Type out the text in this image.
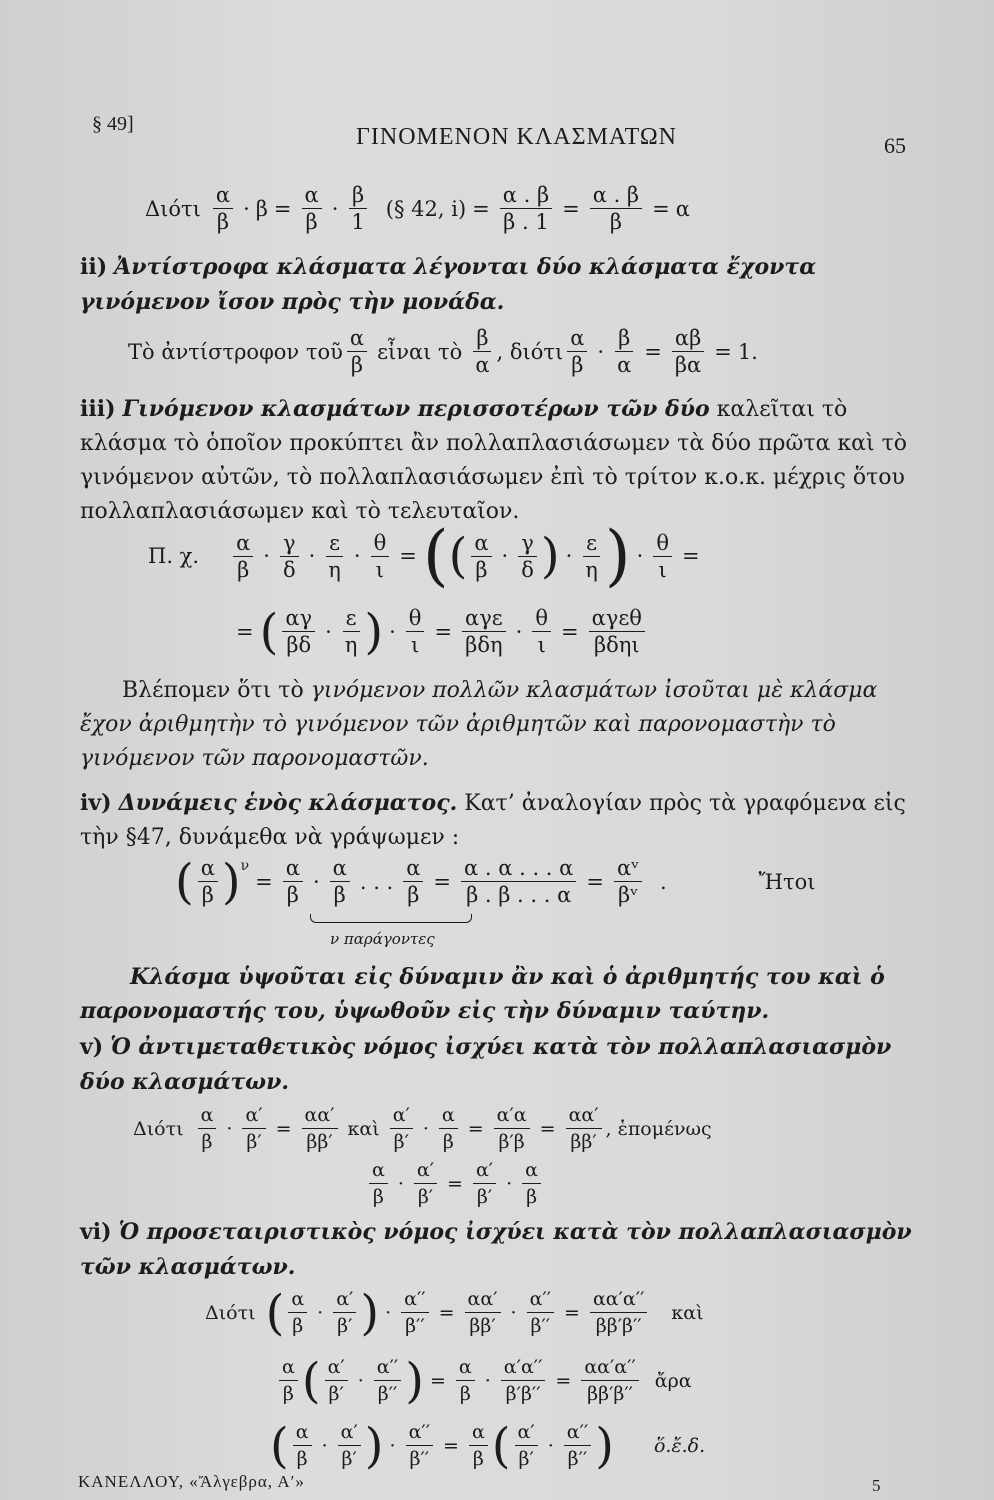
§ 49]	ΓΙΝΟΜΕΝΟΝ ΚΛΑΣΜΑΤΩΝ	65
Διότι $\frac{\alpha}{\beta} \cdot \beta = \frac{\alpha}{\beta} \cdot \frac{\beta}{1}$ (§ 42, $i) = \frac{\alpha . \beta}{\beta . 1} = \frac{\alpha . \beta}{\beta} = \alpha$
ii) Ἀντίστροφα κλάσματα λέγονται δύο κλάσματα ἔχοντα γινόμενον ἴσον πρὸς τὴν μονάδα.
Τὸ ἀντίστροφον τοῦ $\frac{\alpha}{\beta}$ εἶναι τὸ $\frac{\beta}{\alpha}$ , διότι $\frac{\alpha}{\beta} \cdot \frac{\beta}{\alpha} = \frac{\alpha\beta}{\beta\alpha} = 1$.
iii) Γινόμενον κλασμάτων περισσοτέρων τῶν δύο καλεῖται τὸ κλάσμα τὸ ὁποῖον προκύπτει ἂν πολλαπλασιάσωμεν τὰ δύο πρῶτα καὶ τὸ γινόμενον αὐτῶν, τὸ πολλαπλασιάσωμεν ἐπὶ τὸ τρίτον κ.ο.κ. μέχρις ὅτου πολλαπλασιάσωμεν καὶ τὸ τελευταῖον.
Π. χ. $\frac{\alpha}{\beta} \cdot \frac{\gamma}{\delta} \cdot \frac{\varepsilon}{\eta} \cdot \frac{\theta}{\iota}$ = ( ( $\frac{\alpha}{\beta} \cdot \frac{\gamma}{\delta}$ ) · $\frac{\varepsilon}{\eta}$ ) · $\frac{\theta}{\iota}$ =
= ( $\frac{\alpha\gamma}{\beta\delta} \cdot \frac{\varepsilon}{\eta}$ ) · $\frac{\theta}{\iota} = \frac{\text{αγε}}{\text{βδη}} \cdot \frac{\theta}{\iota} = \frac{\text{αγεθ}}{\text{βδηι}}$
Βλέπομεν ὅτι τὸ γινόμενον πολλῶν κλασμάτων ἰσοῦται μὲ κλάσμα ἔχον ἀριθμητὴν τὸ γινόμενον τῶν ἀριθμητῶν καὶ παρονομαστὴν τὸ γινόμενον τῶν παρονομαστῶν.
iv) Δυνάμεις ἑνὸς κλάσματος. Κατ’ ἀναλογίαν πρὸς τὰ γραφόμενα εἰς τὴν §47, δυνάμεθα νὰ γράψωμεν :
( $\frac{\alpha}{\beta} )^\nu$
= $\frac{\alpha}{\beta} \cdot \frac{\alpha}{\beta}$ . . . $\frac{\alpha}{\beta} = \frac{\alpha . \alpha . . . \alpha}{\beta . \beta . . . \alpha} = \frac{\text{αᵛ}}{\text{βᵛ}}$ .	Ἤτοι
ν παράγοντες
Κλάσμα ὑψοῦται εἰς δύναμιν ἂν καὶ ὁ ἀριθμητής του καὶ ὁ παρονομαστής του, ὑψωθοῦν εἰς τὴν δύναμιν ταύτην.
v) Ὁ ἀντιμεταθετικὸς νόμος ἰσχύει κατὰ τὸν πολλαπλασιασμὸν δύο κλασμάτων.
Διότι $\frac{\alpha}{\beta} \cdot \frac{\alpha'}{\beta'} = \frac{\alpha\alpha'}{\beta\beta'}$ καὶ $\frac{\alpha'}{\beta'} \cdot \frac{\alpha}{\beta} = \frac{\alpha'\alpha}{\beta'\beta} = \frac{\alpha\alpha'}{\beta\beta'}$ , ἑπομένως
$\frac{\alpha}{\beta} \cdot \frac{\alpha'}{\beta'} = \frac{\alpha'}{\beta'} \cdot \frac{\alpha}{\beta}$
vi) Ὁ προσεταιριστικὸς νόμος ἰσχύει κατὰ τὸν πολλαπλασιασμὸν τῶν κλασμάτων.
Διότι ( $\frac{\alpha}{\beta} \cdot \frac{\alpha'}{\beta'}$ ) · $\frac{\alpha''}{\beta''} = \frac{\alpha\alpha'}{\beta\beta'} \cdot \frac{\alpha''}{\beta''} = \frac{\alpha\alpha'\alpha''}{\beta\beta'\beta''}$ καὶ
$\frac{\alpha}{\beta}$ ( $\frac{\alpha'}{\beta'} \cdot \frac{\alpha''}{\beta''}$ ) = $\frac{\alpha}{\beta} \cdot \frac{\alpha'\alpha''}{\beta'\beta''} = \frac{\alpha\alpha'\alpha''}{\beta\beta'\beta''}$ ἄρα
( $\frac{\alpha}{\beta} \cdot \frac{\alpha'}{\beta'}$ ) · $\frac{\alpha''}{\beta''} = \frac{\alpha}{\beta}$ ( $\frac{\alpha'}{\beta'} \cdot \frac{\alpha''}{\beta''}$ ) ὅ.ἔ.δ.
ΚΑΝΕΛΛΟΥ, «Ἄλγεβρα, Α′»	5
